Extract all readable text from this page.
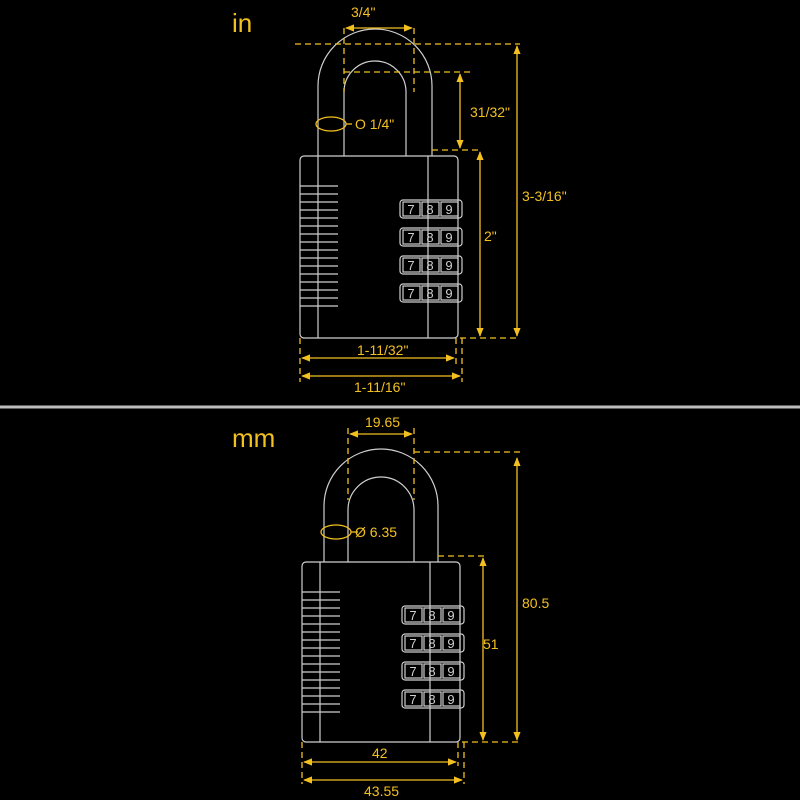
in
7 8 9
7 8 9
7 8 9
7 8 9
3/4"
O 1/4"
31/32"
3-3/16"
2"
1-11/32"
1-11/16"
mm
7 8 9
7 8 9
7 8 9
7 8 9
19.65
Ø 6.35
80.5
51
42
43.55
